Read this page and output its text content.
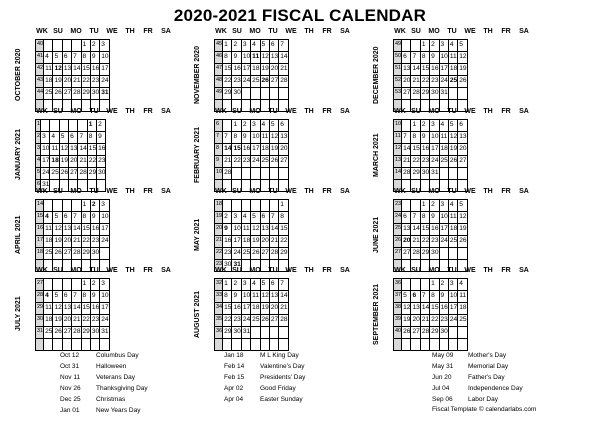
2020-2021 FISCAL CALENDAR
OCTOBER 2020
WK SU	MO	TU	WE	TH	FR	SA
40					1	2	3
41	4	5	6	7	8	9	10
42	11	12	13	14	15	16	17
43	18	19	20	21	22	23	24
44	25	26	27	28	29	30	31
								NOVEMBER 2020
WK SU	MO	TU	WE	TH	FR	SA
45	1	2	3	4	5	6	7
46	8	9	10	11	12	13	14
47	15	16	17	18	19	20	21
48	22	23	24	25	26	27	28
49	29	30					
								DECEMBER 2020
WK SU	MO	TU	WE	TH	FR	SA
49			1	2	3	4	5
50	6	7	8	9	10	11	12
51	13	14	15	16	17	18	19
52	20	21	22	23	24	25	26
53	27	28	29	30	31		

JANUARY 2021
WK SU	MO	TU	WE	TH	FR	SA
1						1	2
2	3	4	5	6	7	8	9
3	10	11	12	13	14	15	16
4	17	18	19	20	21	22	23
5	24	25	26	27	28	29	30
6	31						
FEBRUARY 2021
WK SU	MO	TU	WE	TH	FR	SA
6		1	2	3	4	5	6
7	7	8	9	10	11	12	13
8	14	15	16	17	18	19	20
9	21	22	23	24	25	26	27
10	28						
								MARCH 2021
WK SU	MO	TU	WE	TH	FR	SA
10		1	2	3	4	5	6
11	7	8	9	10	11	12	13
12	14	15	16	17	18	19	20
13	21	22	23	24	25	26	27
14	28	29	30	31			

APRIL 2021
WK SU	MO	TU	WE	TH	FR	SA
14					1	2	3
15	4	5	6	7	8	9	10
16	11	12	13	14	15	16	17
17	18	19	20	21	22	23	24
18	25	26	27	28	29	30	

MAY 2021
WK SU	MO	TU	WE	TH	FR	SA
18							1
19	2	3	4	5	6	7	8
20	9	10	11	12	13	14	15
21	16	17	18	19	20	21	22
22	23	24	25	26	27	28	29
23	30	31					
JUNE 2021
WK SU	MO	TU	WE	TH	FR	SA
23			1	2	3	4	5
24	6	7	8	9	10	11	12
25	13	14	15	16	17	18	19
26	20	21	22	23	24	25	26
27	27	28	29	30			

JULY 2021
WK SU	MO	TU	WE	TH	FR	SA
27					1	2	3
28	4	5	6	7	8	9	10
29	11	12	13	14	15	16	17
30	18	19	20	21	22	23	24
31	25	26	27	28	29	30	31
								AUGUST 2021
WK SU	MO	TU	WE	TH	FR	SA
32	1	2	3	4	5	6	7
33	8	9	10	11	12	13	14
34	15	16	17	18	19	20	21
35	22	23	24	25	26	27	28
36	29	30	31				
								SEPTEMBER 2021
WK SU	MO	TU	WE	TH	FR	SA
36				1	2	3	4
37	5	6	7	8	9	10	11
38	12	13	14	15	16	17	18
39	19	20	21	22	23	24	25
40	26	27	28	29	30		

Oct 12	Columbus Day
Oct 31	Halloween
Nov 11	Veterans Day
Nov 26	Thanksgiving Day
Dec 25	Christmas
Jan 01	New Years Day
Jan 18	M L King Day
Feb 14	Valentine's Day
Feb 15	Presidents' Day
Apr 02	Good Friday
Apr 04	Easter Sunday
May 09	Mother's Day
May 31	Memorial Day
Jun 20	Father's Day
Jul 04	Independence Day
Sep 06	Labor Day
Fiscal Template © calendarlabs.com
